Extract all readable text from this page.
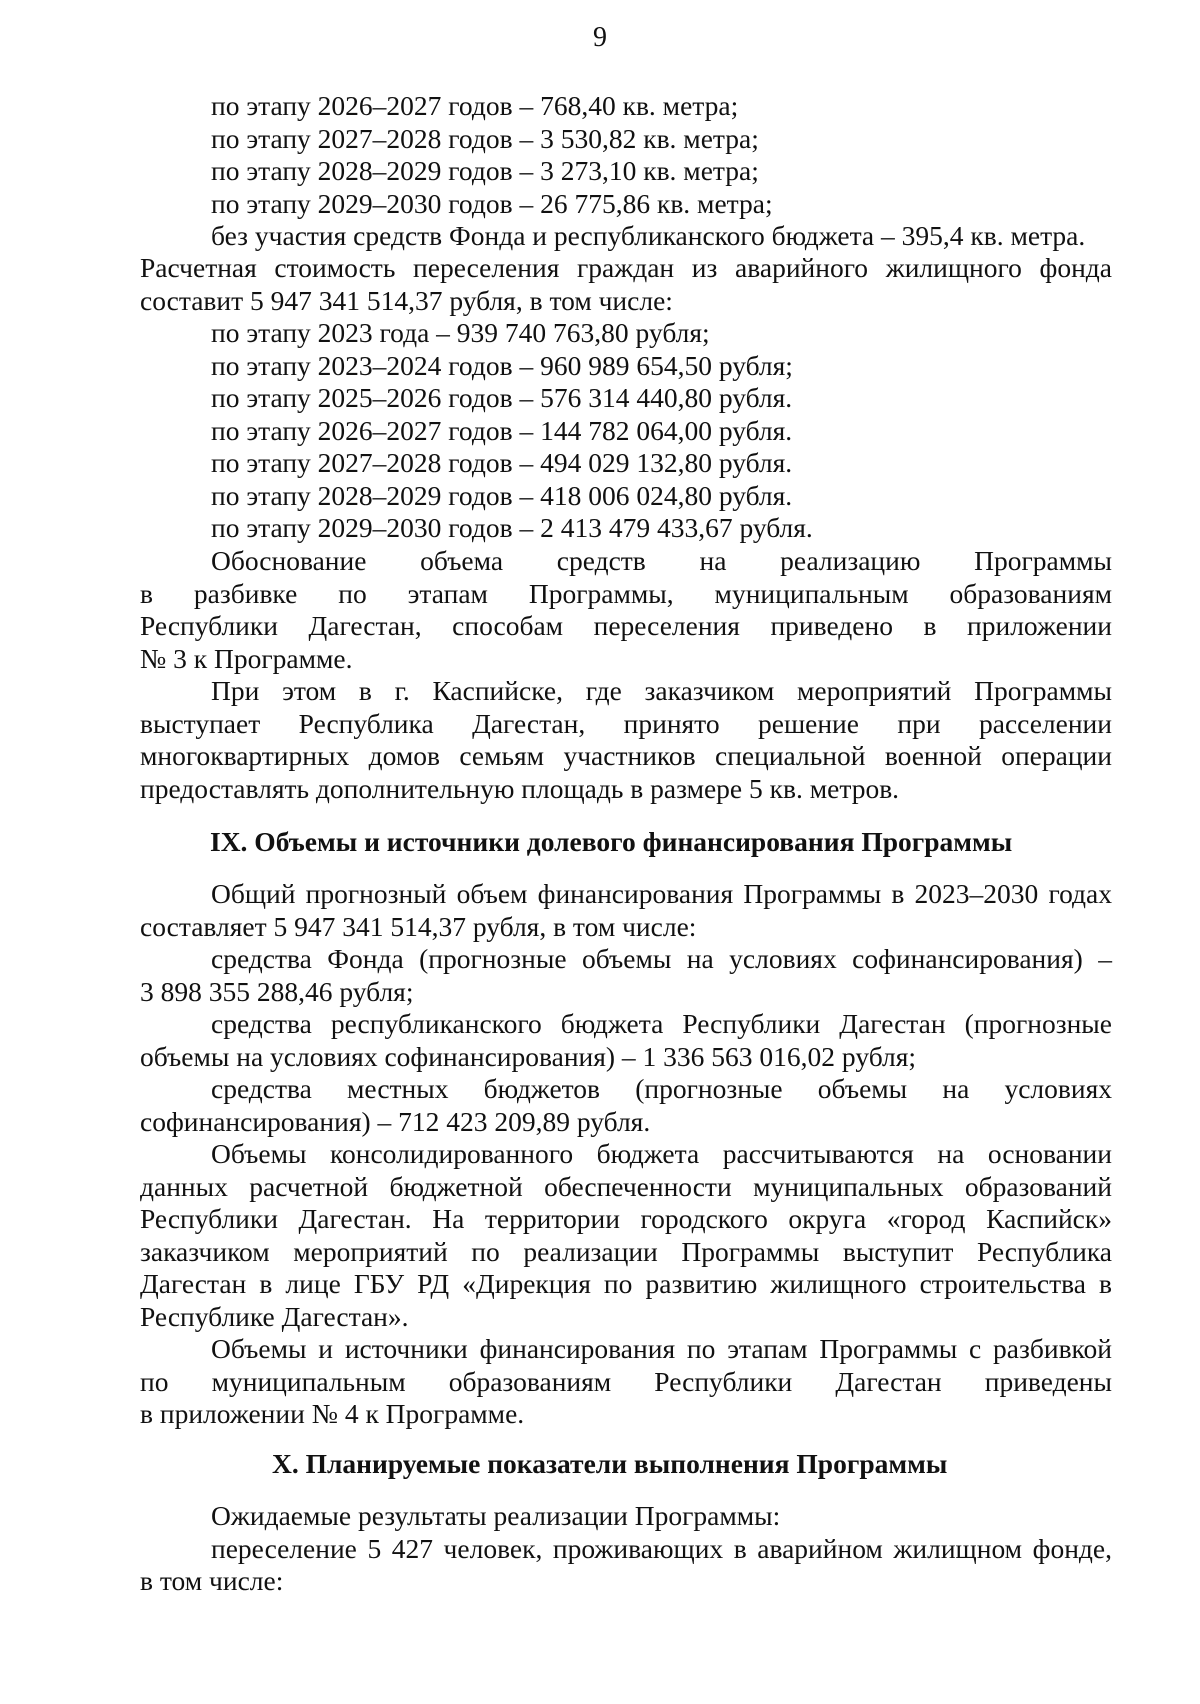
9
по этапу 2026–2027 годов – 768,40 кв. метра;
по этапу 2027–2028 годов – 3 530,82 кв. метра;
по этапу 2028–2029 годов – 3 273,10 кв. метра;
по этапу 2029–2030 годов – 26 775,86 кв. метра;
без участия средств Фонда и республиканского бюджета – 395,4 кв. метра.
Расчетная стоимость переселения граждан из аварийного жилищного фонда
составит 5 947 341 514,37 рубля, в том числе:
по этапу 2023 года – 939 740 763,80 рубля;
по этапу 2023–2024 годов – 960 989 654,50 рубля;
по этапу 2025–2026 годов – 576 314 440,80 рубля.
по этапу 2026–2027 годов – 144 782 064,00 рубля.
по этапу 2027–2028 годов – 494 029 132,80 рубля.
по этапу 2028–2029 годов – 418 006 024,80 рубля.
по этапу 2029–2030 годов – 2 413 479 433,67 рубля.
Обоснование объема средств на реализацию Программы
в разбивке по этапам Программы, муниципальным образованиям
Республики Дагестан, способам переселения приведено в приложении
№ 3 к Программе.
При этом в г. Каспийске, где заказчиком мероприятий Программы
выступает Республика Дагестан, принято решение при расселении
многоквартирных домов семьям участников специальной военной операции
предоставлять дополнительную площадь в размере 5 кв. метров.
IX. Объемы и источники долевого финансирования Программы
Общий прогнозный объем финансирования Программы в 2023–2030 годах
составляет 5 947 341 514,37 рубля, в том числе:
средства Фонда (прогнозные объемы на условиях софинансирования) –
3 898 355 288,46 рубля;
средства республиканского бюджета Республики Дагестан (прогнозные
объемы на условиях софинансирования) – 1 336 563 016,02 рубля;
средства местных бюджетов (прогнозные объемы на условиях
софинансирования) – 712 423 209,89 рубля.
Объемы консолидированного бюджета рассчитываются на основании
данных расчетной бюджетной обеспеченности муниципальных образований
Республики Дагестан. На территории городского округа «город Каспийск»
заказчиком мероприятий по реализации Программы выступит Республика
Дагестан в лице ГБУ РД «Дирекция по развитию жилищного строительства в
Республике Дагестан».
Объемы и источники финансирования по этапам Программы с разбивкой
по муниципальным образованиям Республики Дагестан приведены
в приложении № 4 к Программе.
X. Планируемые показатели выполнения Программы
Ожидаемые результаты реализации Программы:
переселение 5 427 человек, проживающих в аварийном жилищном фонде,
в том числе:
